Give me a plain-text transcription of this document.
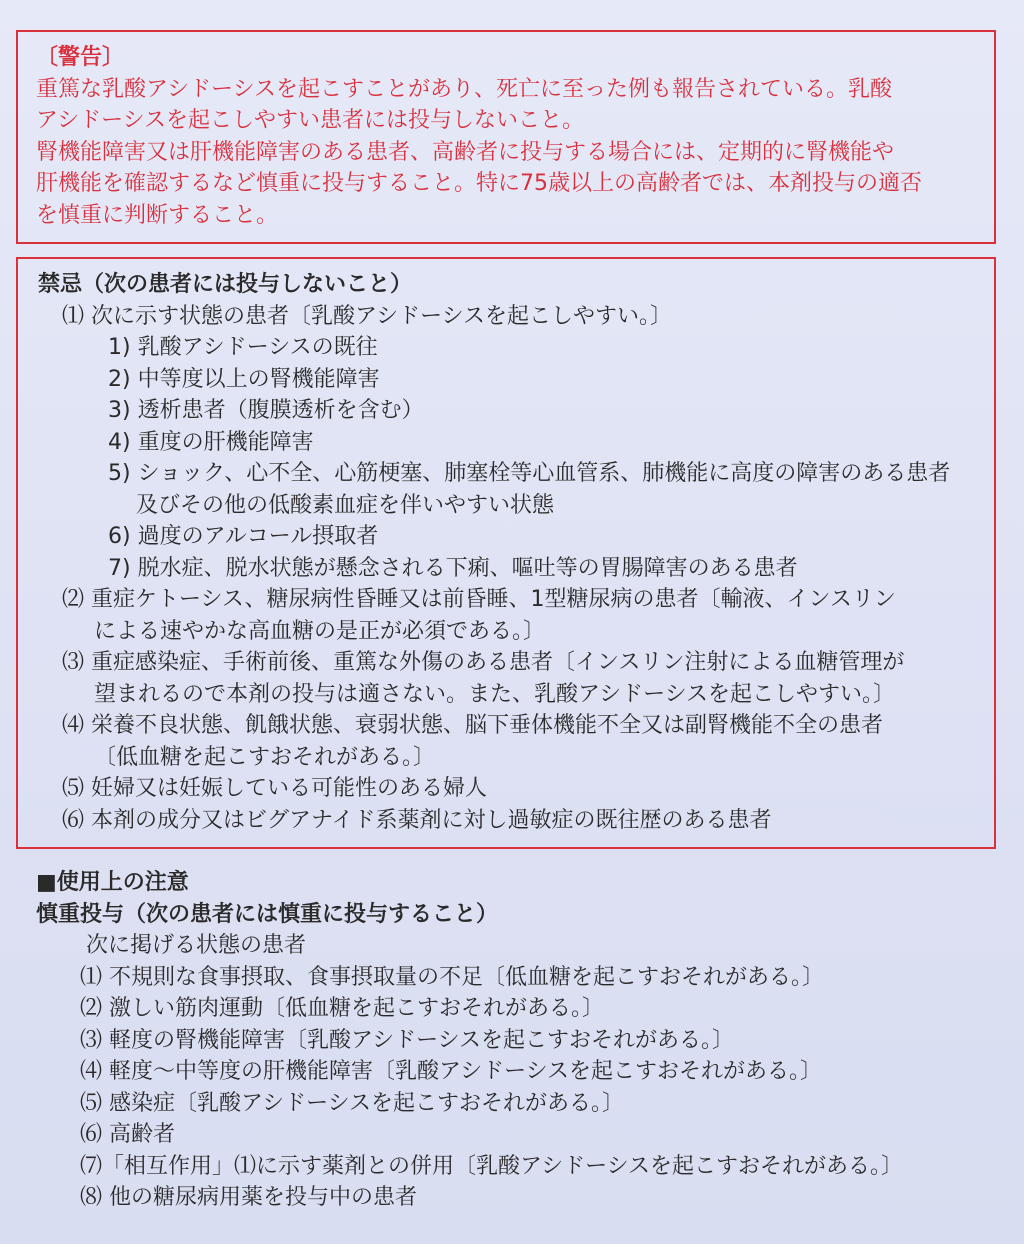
〔警告〕

重篤な乳酸アシドーシスを起こすことがあり、死亡に至った例も報告されている。乳酸

アシドーシスを起こしやすい患者には投与しないこと。

腎機能障害又は肝機能障害のある患者、高齢者に投与する場合には、定期的に腎機能や

肝機能を確認するなど慎重に投与すること。特に75歳以上の高齢者では、本剤投与の適否

を慎重に判断すること。

禁忌（次の患者には投与しないこと）

⑴ 次に示す状態の患者〔乳酸アシドーシスを起こしやすい。〕

1) 乳酸アシドーシスの既往

2) 中等度以上の腎機能障害

3) 透析患者（腹膜透析を含む）

4) 重度の肝機能障害

5) ショック、心不全、心筋梗塞、肺塞栓等心血管系、肺機能に高度の障害のある患者

及びその他の低酸素血症を伴いやすい状態

6) 過度のアルコール摂取者

7) 脱水症、脱水状態が懸念される下痢、嘔吐等の胃腸障害のある患者

⑵ 重症ケトーシス、糖尿病性昏睡又は前昏睡、1型糖尿病の患者〔輸液、インスリン

による速やかな高血糖の是正が必須である。〕

⑶ 重症感染症、手術前後、重篤な外傷のある患者〔インスリン注射による血糖管理が

望まれるので本剤の投与は適さない。また、乳酸アシドーシスを起こしやすい。〕

⑷ 栄養不良状態、飢餓状態、衰弱状態、脳下垂体機能不全又は副腎機能不全の患者

〔低血糖を起こすおそれがある。〕

⑸ 妊婦又は妊娠している可能性のある婦人

⑹ 本剤の成分又はビグアナイド系薬剤に対し過敏症の既往歴のある患者

■使用上の注意

慎重投与（次の患者には慎重に投与すること）

次に掲げる状態の患者

⑴ 不規則な食事摂取、食事摂取量の不足〔低血糖を起こすおそれがある。〕

⑵ 激しい筋肉運動〔低血糖を起こすおそれがある。〕

⑶ 軽度の腎機能障害〔乳酸アシドーシスを起こすおそれがある。〕

⑷ 軽度～中等度の肝機能障害〔乳酸アシドーシスを起こすおそれがある。〕

⑸ 感染症〔乳酸アシドーシスを起こすおそれがある。〕

⑹ 高齢者

⑺「相互作用」⑴に示す薬剤との併用〔乳酸アシドーシスを起こすおそれがある。〕

⑻ 他の糖尿病用薬を投与中の患者
